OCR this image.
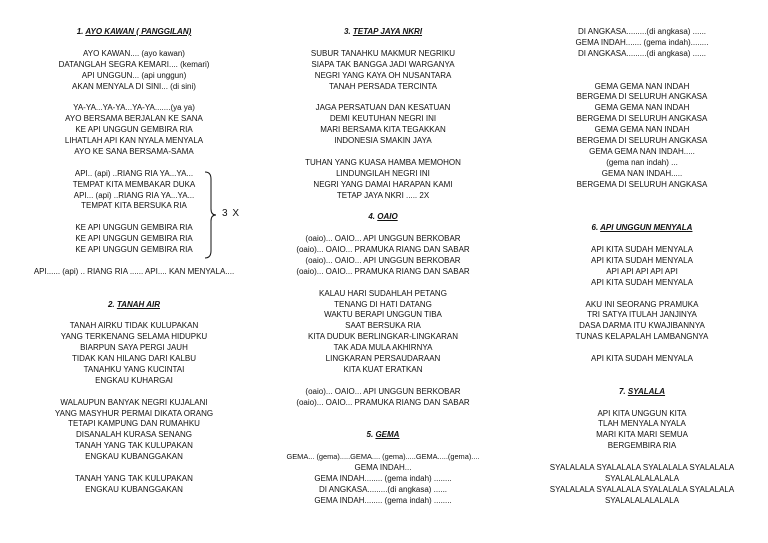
1. AYO KAWAN ( PANGGILAN)
AYO KAWAN.... (ayo kawan)
DATANGLAH SEGRA KEMARI.... (kemari)
API UNGGUN... (api unggun)
AKAN MENYALA DI SINI... (di sini)
YA-YA...YA-YA...YA-YA.......(ya ya)
AYO BERSAMA BERJALAN KE SANA
KE API UNGGUN GEMBIRA RIA
LIHATLAH API KAN NYALA MENYALA
AYO KE SANA BERSAMA-SAMA
API.. (api) ..RIANG RIA YA...YA...
TEMPAT KITA MEMBAKAR DUKA
API... (api) ..RIANG RIA YA...YA...
TEMPAT KITA BERSUKA RIA
KE API UNGGUN GEMBIRA RIA
KE API UNGGUN GEMBIRA RIA
KE API UNGGUN GEMBIRA RIA
API...... (api) .. RIANG RIA ...... API.... KAN MENYALA....
2. TANAH AIR
TANAH AIRKU TIDAK KULUPAKAN
YANG TERKENANG SELAMA HIDUPKU
BIARPUN SAYA PERGI JAUH
TIDAK KAN HILANG DARI KALBU
TANAHKU YANG KUCINTAI
ENGKAU KUHARGAI
WALAUPUN BANYAK NEGRI KUJALANI
YANG MASYHUR PERMAI DIKATA ORANG
TETAPI KAMPUNG DAN RUMAHKU
DISANALAH KURASA SENANG
TANAH YANG TAK KULUPAKAN
ENGKAU KUBANGGAKAN
TANAH YANG TAK KULUPAKAN
ENGKAU KUBANGGAKAN
3. TETAP JAYA NKRI
SUBUR TANAHKU MAKMUR NEGRIKU
SIAPA TAK BANGGA JADI WARGANYA
NEGRI YANG KAYA OH NUSANTARA
TANAH PERSADA TERCINTA
JAGA PERSATUAN DAN KESATUAN
DEMI KEUTUHAN NEGRI INI
MARI BERSAMA KITA TEGAKKAN
INDONESIA SMAKIN JAYA
TUHAN YANG KUASA HAMBA MEMOHON
LINDUNGILAH NEGRI INI
NEGRI YANG DAMAI HARAPAN KAMI
TETAP JAYA NKRI ..... 2X
4. OAIO
(oaio)... OAIO... API UNGGUN BERKOBAR
(oaio)... OAIO... PRAMUKA RIANG DAN SABAR
(oaio)... OAIO... API UNGGUN BERKOBAR
(oaio)... OAIO... PRAMUKA RIANG DAN SABAR
KALAU HARI SUDAHLAH PETANG
TENANG DI HATI DATANG
WAKTU BERAPI UNGGUN TIBA
SAAT BERSUKA RIA
KITA DUDUK BERLINGKAR-LINGKARAN
TAK ADA MULA AKHIRNYA
LINGKARAN PERSAUDARAAN
KITA KUAT ERATKAN
(oaio)... OAIO... API UNGGUN BERKOBAR
(oaio)... OAIO... PRAMUKA RIANG DAN SABAR
5. GEMA
GEMA... (gema).....GEMA.... (gema).....GEMA.....(gema)....
GEMA INDAH...
GEMA INDAH........ (gema indah) ........
DI ANGKASA.........(di angkasa) ......
GEMA INDAH........ (gema indah) ........
DI ANGKASA.........(di angkasa) ......
GEMA INDAH....... (gema indah)........
DI ANGKASA.........(di angkasa) ......
GEMA GEMA NAN INDAH
BERGEMA DI SELURUH ANGKASA
GEMA GEMA NAN INDAH
BERGEMA DI SELURUH ANGKASA
GEMA GEMA NAN INDAH
BERGEMA DI SELURUH ANGKASA
GEMA GEMA NAN INDAH.....
(gema nan indah) ...
GEMA NAN INDAH.....
BERGEMA DI SELURUH ANGKASA
6. API UNGGUN MENYALA
API KITA SUDAH MENYALA
API KITA SUDAH MENYALA
API API API API API
API KITA SUDAH MENYALA
AKU INI SEORANG PRAMUKA
TRI SATYA ITULAH JANJINYA
DASA DARMA ITU KWAJIBANNYA
TUNAS KELAPALAH LAMBANGNYA
API KITA SUDAH MENYALA
7. SYALALA
API KITA UNGGUN KITA
TLAH MENYALA NYALA
MARI KITA MARI SEMUA
BERGEMBIRA RIA
SYALALALA SYALALALA SYALALALA SYALALALA
SYALALALALALALA
SYALALALA SYALALALA SYALALALA SYALALALA
SYALALALALALALA
3 X
